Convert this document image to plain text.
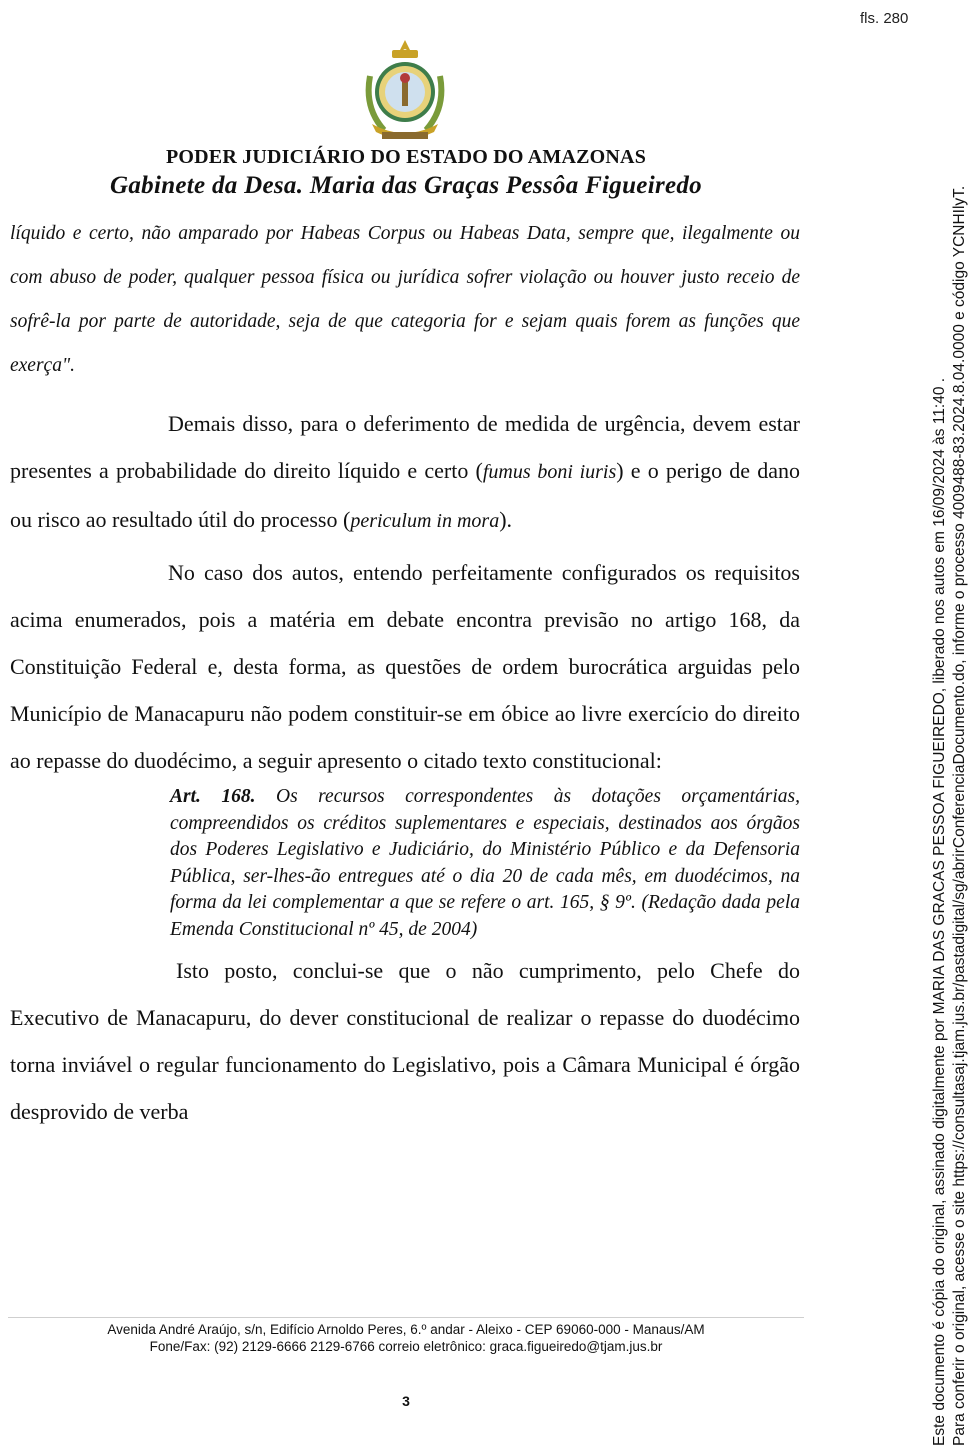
fls. 280
PODER JUDICIÁRIO DO ESTADO DO AMAZONAS
Gabinete da Desa. Maria das Graças Pessôa Figueiredo

líquido e certo, não amparado por Habeas Corpus ou Habeas Data, sempre que, ilegalmente ou com abuso de poder, qualquer pessoa física ou jurídica sofrer violação ou houver justo receio de sofrê-la por parte de autoridade, seja de que categoria for e sejam quais forem as funções que exerça".

Demais disso, para o deferimento de medida de urgência, devem estar presentes a probabilidade do direito líquido e certo (fumus boni iuris) e o perigo de dano ou risco ao resultado útil do processo (periculum in mora).

No caso dos autos, entendo perfeitamente configurados os requisitos acima enumerados, pois a matéria em debate encontra previsão no artigo 168, da Constituição Federal e, desta forma, as questões de ordem burocrática arguidas pelo Município de Manacapuru não podem constituir-se em óbice ao livre exercício do direito ao repasse do duodécimo, a seguir apresento o citado texto constitucional:

Art. 168. Os recursos correspondentes às dotações orçamentárias, compreendidos os créditos suplementares e especiais, destinados aos órgãos dos Poderes Legislativo e Judiciário, do Ministério Público e da Defensoria Pública, ser-lhes-ão entregues até o dia 20 de cada mês, em duodécimos, na forma da lei complementar a que se refere o art. 165, § 9º. (Redação dada pela Emenda Constitucional nº 45, de 2004)

Isto posto, conclui-se que o não cumprimento, pelo Chefe do Executivo de Manacapuru, do dever constitucional de realizar o repasse do duodécimo torna inviável o regular funcionamento do Legislativo, pois a Câmara Municipal é órgão desprovido de verba

Avenida André Araújo, s/n, Edifício Arnoldo Peres, 6.º andar - Aleixo - CEP 69060-000 - Manaus/AM
Fone/Fax: (92) 2129-6666 2129-6766 correio eletrônico: graca.figueiredo@tjam.jus.br
3	Este documento é cópia do original, assinado digitalmente por MARIA DAS GRACAS PESSOA FIGUEIREDO, liberado nos autos em 16/09/2024 às 11:40 . Para conferir o original, acesse o site https://consultasaj.tjam.jus.br/pastadigital/sg/abrirConferenciaDocumento.do, informe o processo 4009488-83.2024.8.04.0000 e código YCNHIlyT.
